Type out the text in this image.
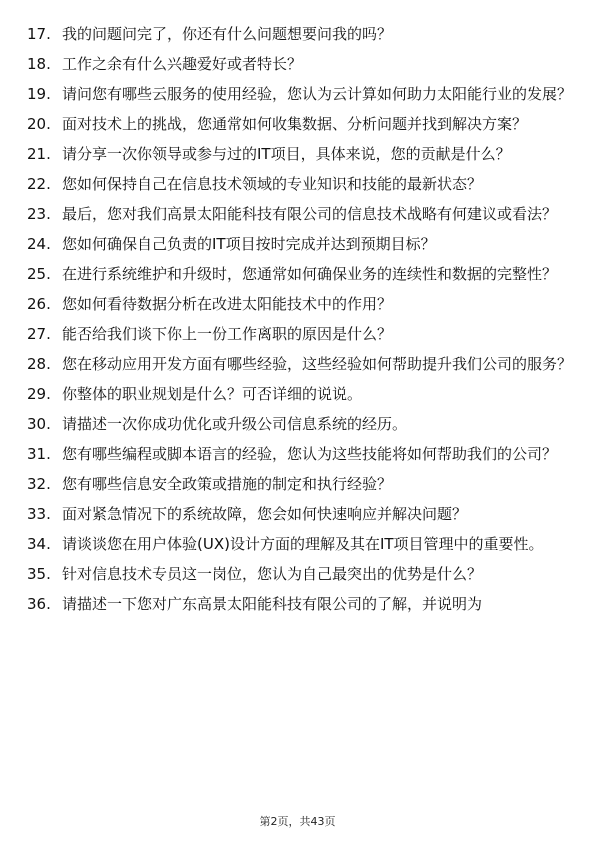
17. 我的问题问完了，你还有什么问题想要问我的吗？
18. 工作之余有什么兴趣爱好或者特长？
19. 请问您有哪些云服务的使用经验，您认为云计算如何助力太阳能行业的发展？
20. 面对技术上的挑战，您通常如何收集数据、分析问题并找到解决方案？
21. 请分享一次你领导或参与过的IT项目，具体来说，您的贡献是什么？
22. 您如何保持自己在信息技术领域的专业知识和技能的最新状态？
23. 最后，您对我们高景太阳能科技有限公司的信息技术战略有何建议或看法？
24. 您如何确保自己负责的IT项目按时完成并达到预期目标？
25. 在进行系统维护和升级时，您通常如何确保业务的连续性和数据的完整性？
26. 您如何看待数据分析在改进太阳能技术中的作用？
27. 能否给我们谈下你上一份工作离职的原因是什么？
28. 您在移动应用开发方面有哪些经验，这些经验如何帮助提升我们公司的服务？
29. 你整体的职业规划是什么？可否详细的说说。
30. 请描述一次你成功优化或升级公司信息系统的经历。
31. 您有哪些编程或脚本语言的经验，您认为这些技能将如何帮助我们的公司？
32. 您有哪些信息安全政策或措施的制定和执行经验？
33. 面对紧急情况下的系统故障，您会如何快速响应并解决问题？
34. 请谈谈您在用户体验(UX)设计方面的理解及其在IT项目管理中的重要性。
35. 针对信息技术专员这一岗位，您认为自己最突出的优势是什么？
36. 请描述一下您对广东高景太阳能科技有限公司的了解，并说明为
第2页，共43页
